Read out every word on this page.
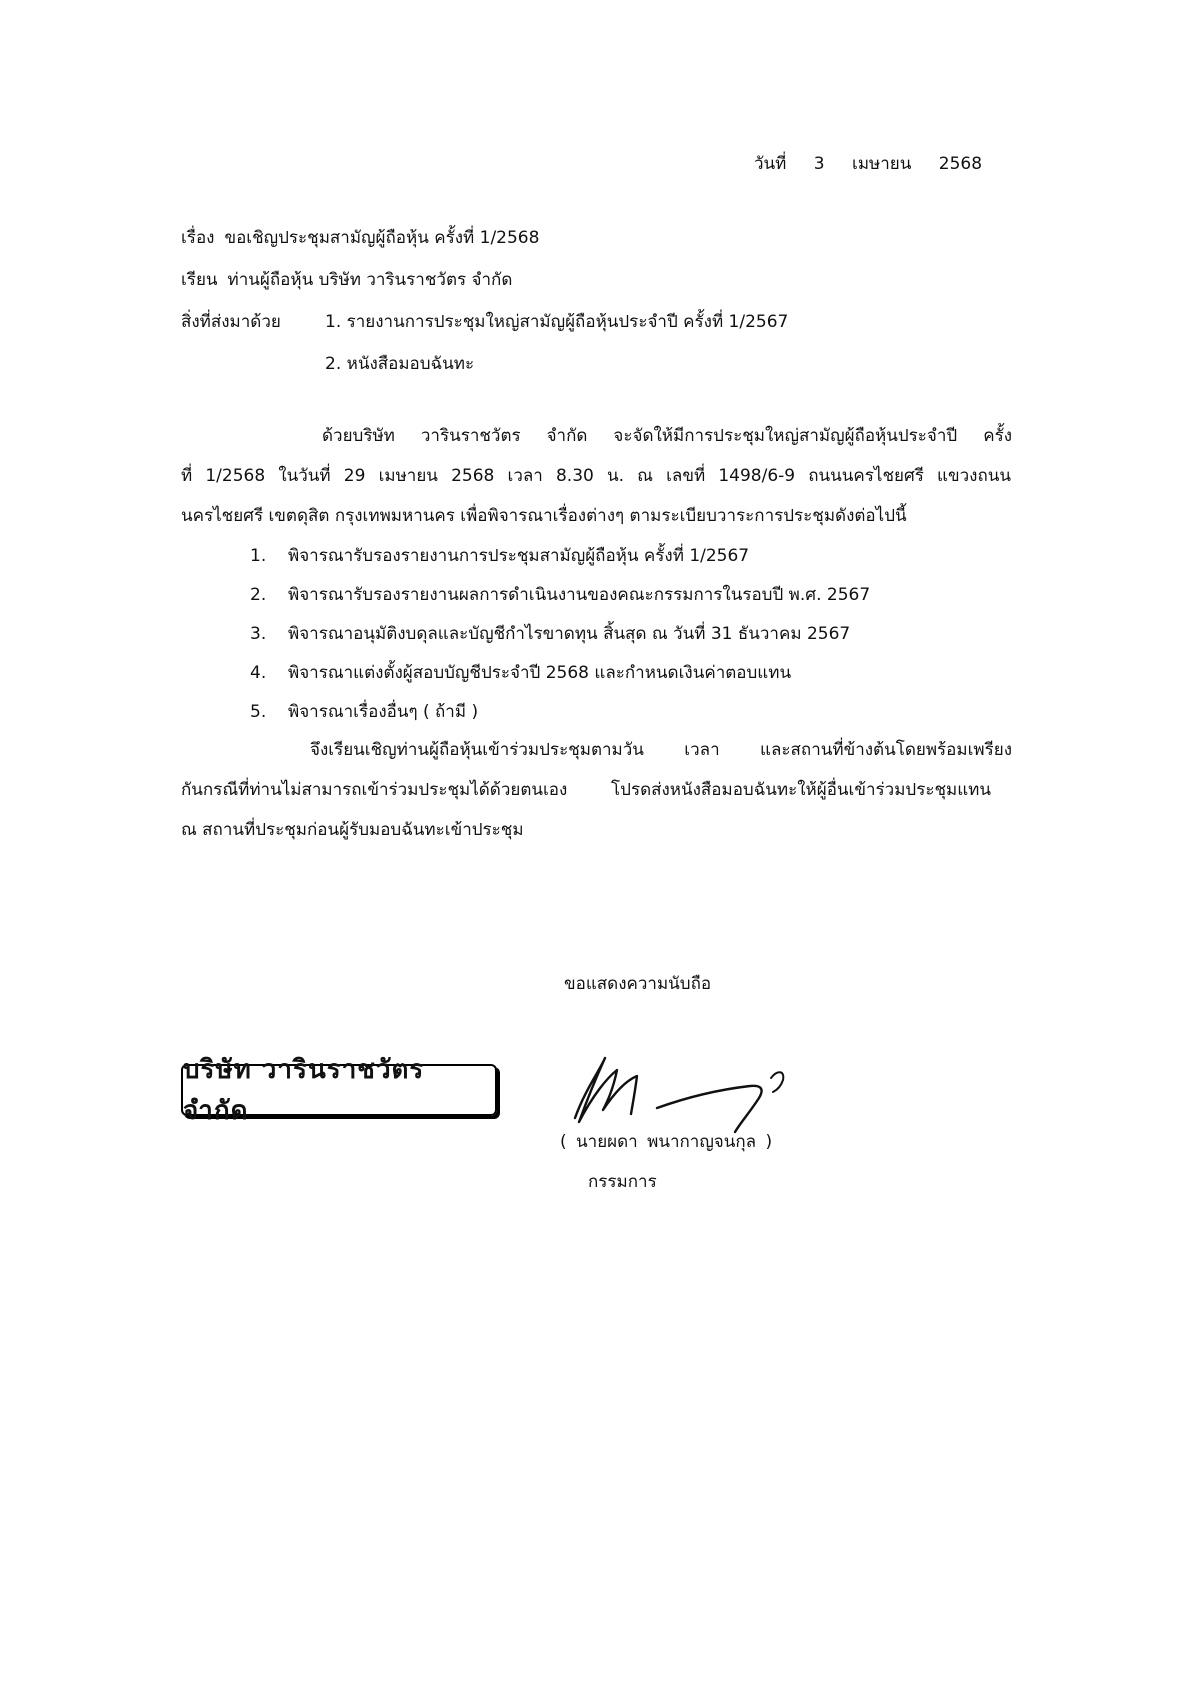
วันที่ 3 เมษายน 2568
เรื่อง ขอเชิญประชุมสามัญผู้ถือหุ้น ครั้งที่ 1/2568
เรียน ท่านผู้ถือหุ้น บริษัท วารินราชวัตร จำกัด
สิ่งที่ส่งมาด้วย	1. รายงานการประชุมใหญ่สามัญผู้ถือหุ้นประจำปี ครั้งที่ 1/2567
2. หนังสือมอบฉันทะ
ด้วยบริษัท วารินราชวัตร จำกัด จะจัดให้มีการประชุมใหญ่สามัญผู้ถือหุ้นประจำปี ครั้ง
ที่ 1/2568 ในวันที่ 29 เมษายน 2568 เวลา 8.30 น. ณ เลขที่ 1498/6-9 ถนนนครไชยศรี แขวงถนน
นครไชยศรี เขตดุสิต กรุงเทพมหานคร เพื่อพิจารณาเรื่องต่างๆ ตามระเบียบวาระการประชุมดังต่อไปนี้
1. พิจารณารับรองรายงานการประชุมสามัญผู้ถือหุ้น ครั้งที่ 1/2567
2. พิจารณารับรองรายงานผลการดำเนินงานของคณะกรรมการในรอบปี พ.ศ. 2567
3. พิจารณาอนุมัติงบดุลและบัญชีกำไรขาดทุน สิ้นสุด ณ วันที่ 31 ธันวาคม 2567
4. พิจารณาแต่งตั้งผู้สอบบัญชีประจำปี 2568 และกำหนดเงินค่าตอบแทน
5. พิจารณาเรื่องอื่นๆ ( ถ้ามี )
จึงเรียนเชิญท่านผู้ถือหุ้นเข้าร่วมประชุมตามวัน เวลา และสถานที่ข้างต้นโดยพร้อมเพรียง
กันกรณีที่ท่านไม่สามารถเข้าร่วมประชุมได้ด้วยตนเอง โปรดส่งหนังสือมอบฉันทะให้ผู้อื่นเข้าร่วมประชุมแทน
ณ สถานที่ประชุมก่อนผู้รับมอบฉันทะเข้าประชุม
ขอแสดงความนับถือ
บริษัท วารินราชวัตร จำกัด
( นายผดา พนากาญจนกุล )
กรรมการ
